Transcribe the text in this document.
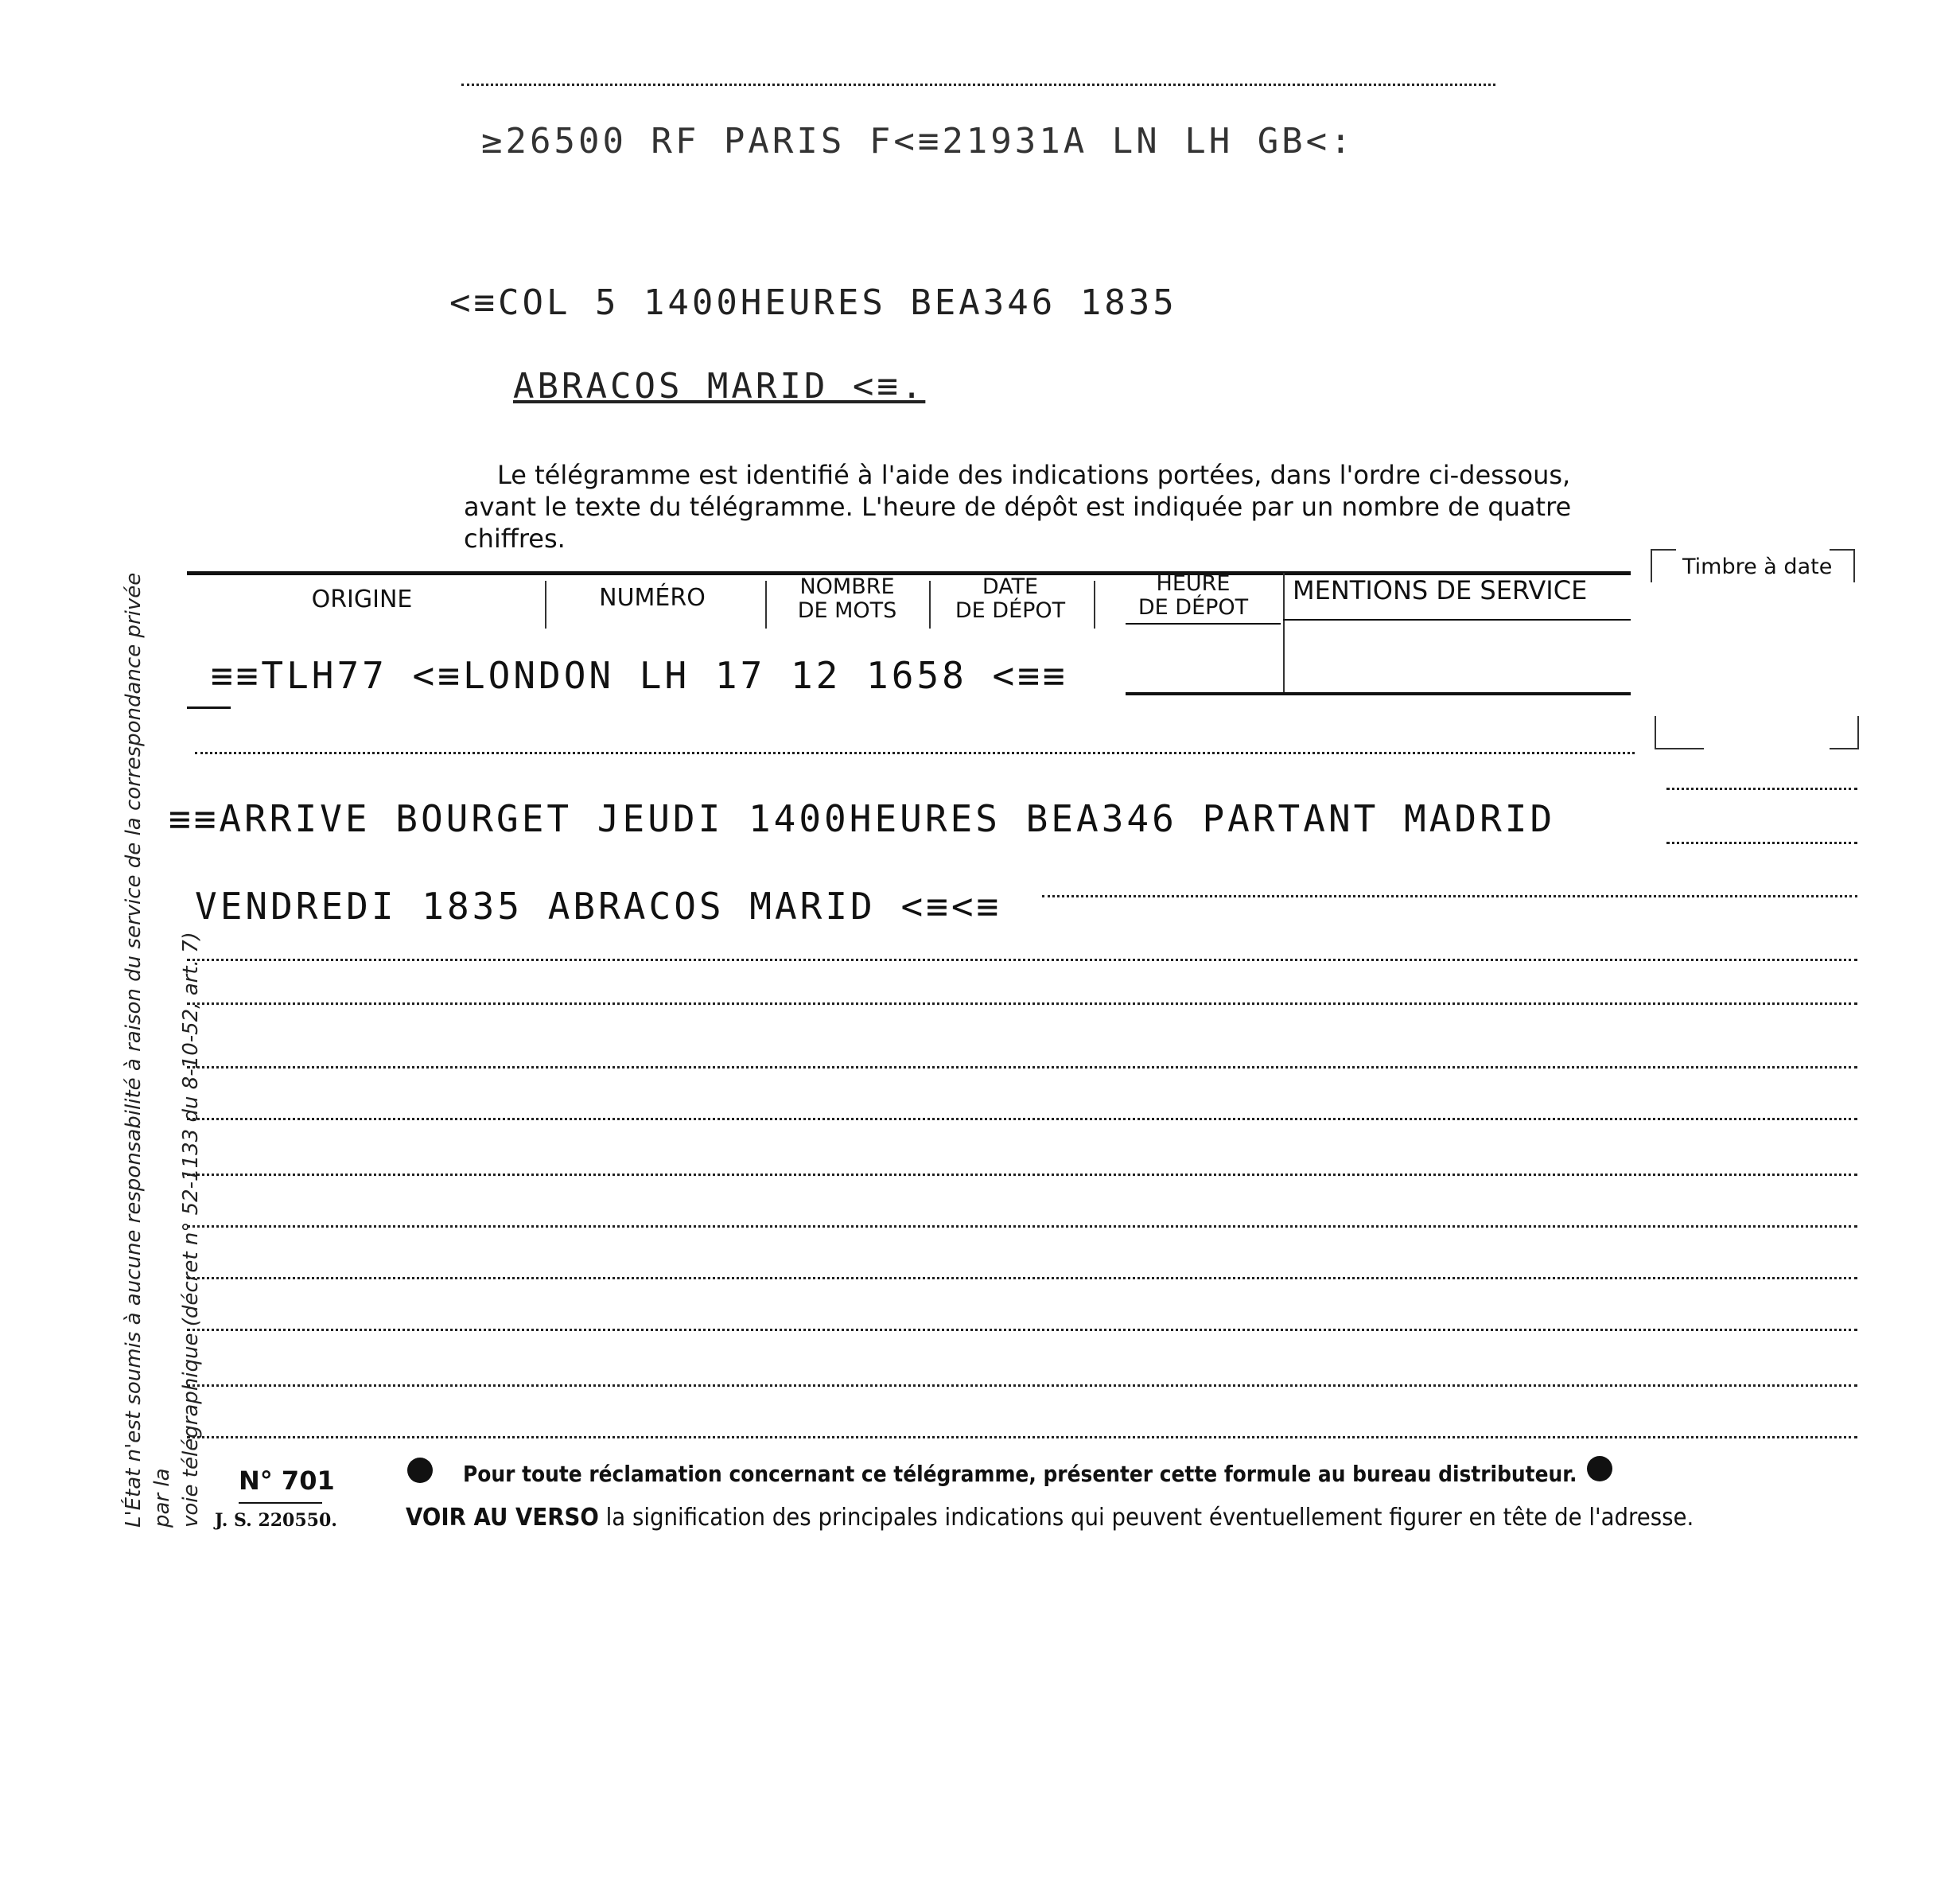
≥26500 RF PARIS F<≡21931A LN LH GB<:
<≡COL 5 1400HEURES BEA346 1835
ABRACOS MARID <≡.
Le télégramme est identifié à l'aide des indications portées, dans l'ordre ci-dessous,
avant le texte du télégramme. L'heure de dépôt est indiquée par un nombre de quatre
chiffres.
ORIGINE	NUMÉRO	NOMBRE
DE MOTS
DATE
DE DÉPOT
HEURE
DE DÉPOT
MENTIONS DE SERVICE
Timbre à date
≡≡TLH77 <≡LONDON LH 17 12 1658 <≡≡
≡≡ARRIVE BOURGET JEUDI 1400HEURES BEA346 PARTANT MADRID
VENDREDI 1835 ABRACOS MARID <≡<≡
L'État n'est soumis à aucune responsabilité à raison du service de la correspondance privée par la voie télégraphique (décret n° 52-1133 du 8-10-52, art. 7) N° 701
J. S. 220550.
Pour toute réclamation concernant ce télégramme, présenter cette formule au bureau distributeur.
VOIR AU VERSO la signification des principales indications qui peuvent éventuellement figurer en tête de l'adresse.
